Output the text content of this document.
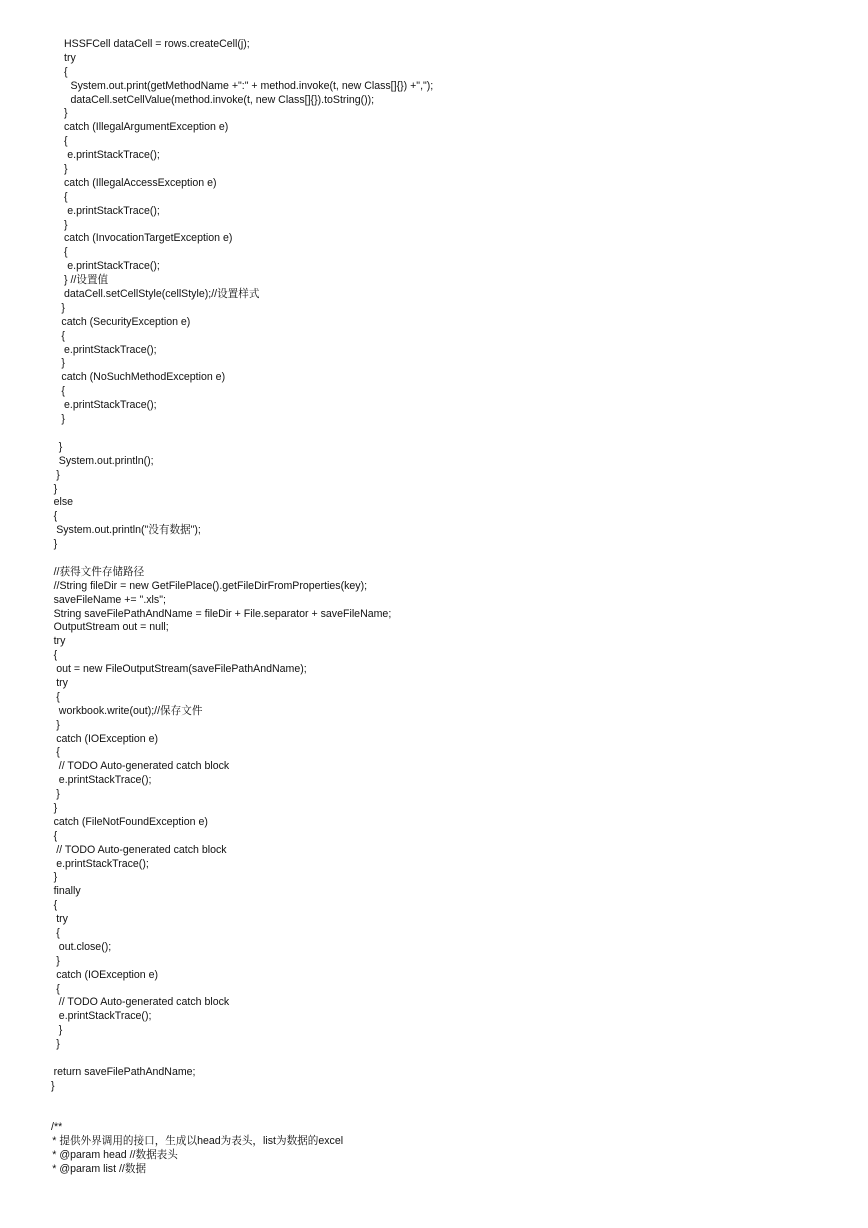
HSSFCell dataCell = rows.createCell(j);
try
{
System.out.print(getMethodName +":" + method.invoke(t, new Class[]{}) +",");
dataCell.setCellValue(method.invoke(t, new Class[]{}).toString());
}
catch (IllegalArgumentException e)
{
e.printStackTrace();
}
catch (IllegalAccessException e)
{
e.printStackTrace();
}
catch (InvocationTargetException e)
{
e.printStackTrace();
} //设置值
dataCell.setCellStyle(cellStyle);//设置样式
}
catch (SecurityException e)
{
e.printStackTrace();
}
catch (NoSuchMethodException e)
{
e.printStackTrace();
}
}
System.out.println();
}
}
else
{
System.out.println("没有数据");
}
//获得文件存储路径
//String fileDir = new GetFilePlace().getFileDirFromProperties(key);
saveFileName += ".xls";
String saveFilePathAndName = fileDir + File.separator + saveFileName;
OutputStream out = null;
try
{
out = new FileOutputStream(saveFilePathAndName);
try
{
workbook.write(out);//保存文件
}
catch (IOException e)
{
// TODO Auto-generated catch block
e.printStackTrace();
}
}
catch (FileNotFoundException e)
{
// TODO Auto-generated catch block
e.printStackTrace();
}
finally
{
try
{
out.close();
}
catch (IOException e)
{
// TODO Auto-generated catch block
e.printStackTrace();
}
}
return saveFilePathAndName;
}
/**
* 提供外界调用的接口，生成以head为表头，list为数据的excel
* @param head //数据表头
* @param list //数据
